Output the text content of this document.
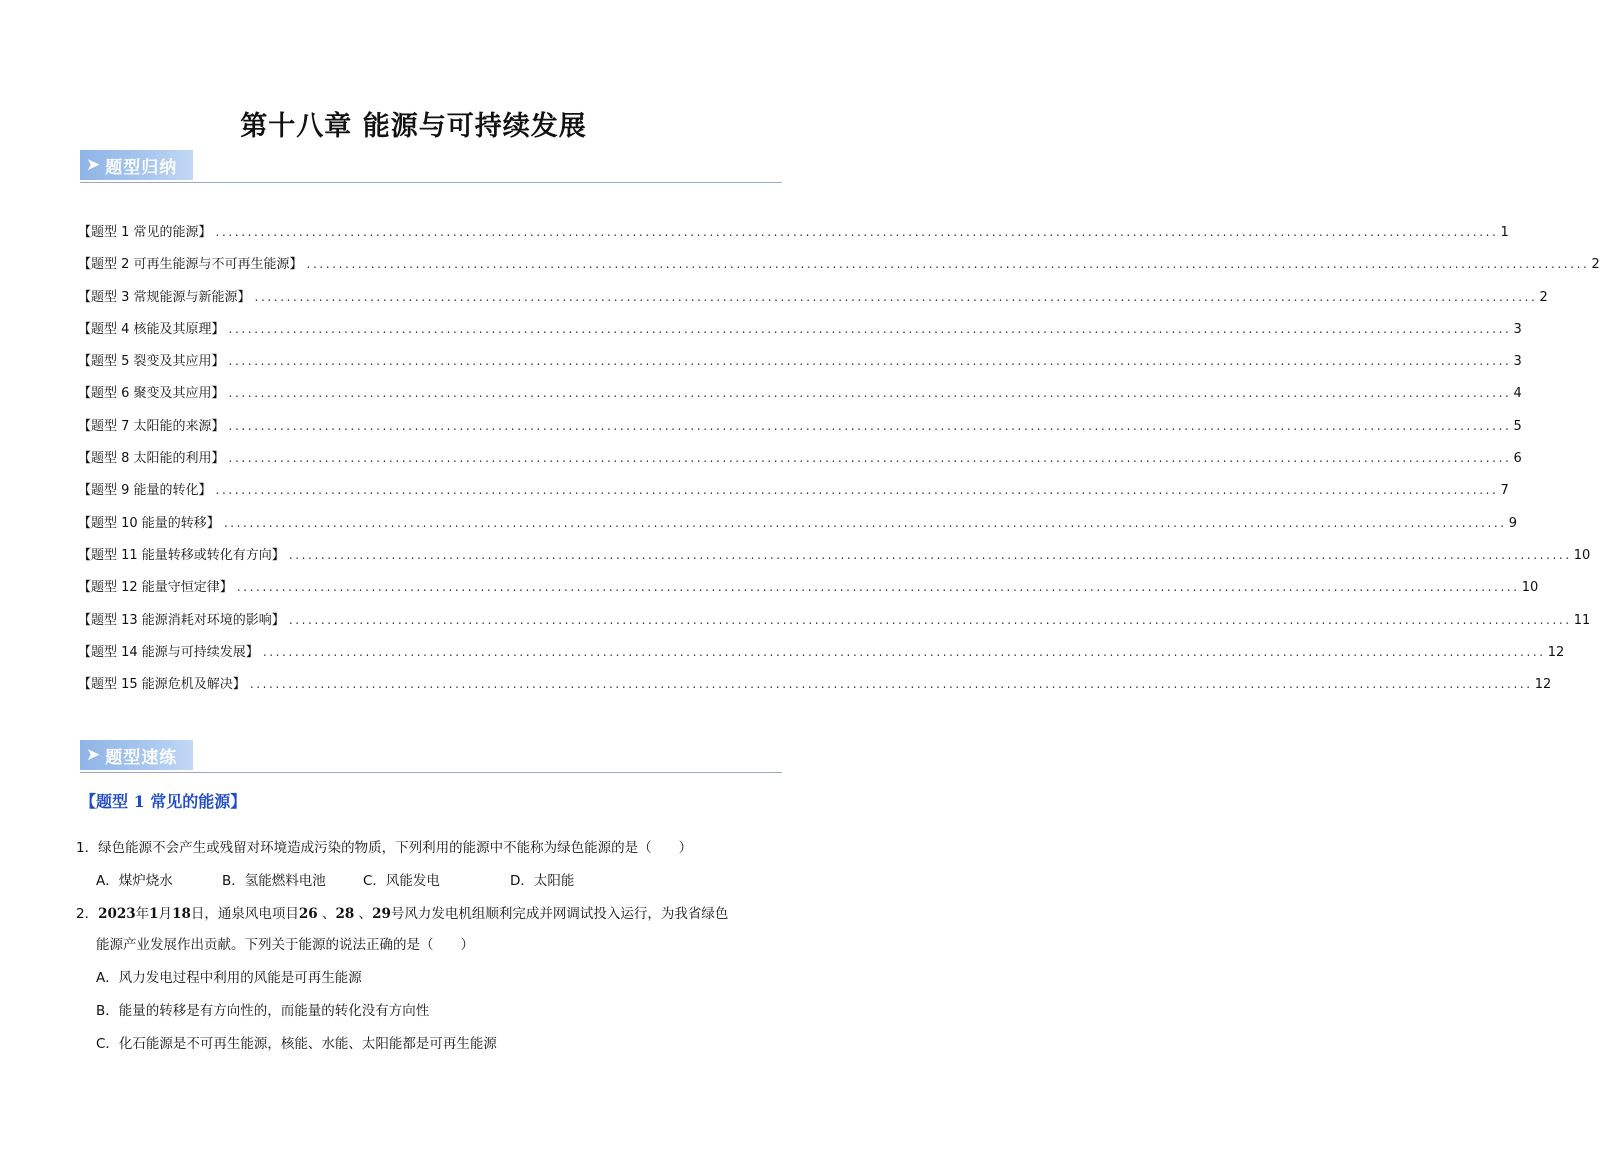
第十八章 能源与可持续发展
➤ 题型归纳
【题型 1 常见的能源】 ........................................................................................................................................................................................................ 1
【题型 2 可再生能源与不可再生能源】 ........................................................................................................................................................................................................ 2
【题型 3 常规能源与新能源】 ........................................................................................................................................................................................................ 2
【题型 4 核能及其原理】 ........................................................................................................................................................................................................ 3
【题型 5 裂变及其应用】 ........................................................................................................................................................................................................ 3
【题型 6 聚变及其应用】 ........................................................................................................................................................................................................ 4
【题型 7 太阳能的来源】 ........................................................................................................................................................................................................ 5
【题型 8 太阳能的利用】 ........................................................................................................................................................................................................ 6
【题型 9 能量的转化】 ........................................................................................................................................................................................................ 7
【题型 10 能量的转移】 ........................................................................................................................................................................................................ 9
【题型 11 能量转移或转化有方向】 ........................................................................................................................................................................................................ 10
【题型 12 能量守恒定律】 ........................................................................................................................................................................................................ 10
【题型 13 能源消耗对环境的影响】 ........................................................................................................................................................................................................ 11
【题型 14 能源与可持续发展】 ........................................................................................................................................................................................................ 12
【题型 15 能源危机及解决】 ........................................................................................................................................................................................................ 12
➤ 题型速练
【题型 1 常见的能源】
1．绿色能源不会产生或残留对环境造成污染的物质，下列利用的能源中不能称为绿色能源的是（　　）
A．煤炉烧水	B．氢能燃料电池	C．风能发电	D．太阳能
2．2023年1月18日，通泉风电项目26 、28 、29号风力发电机组顺利完成并网调试投入运行，为我省绿色
能源产业发展作出贡献。下列关于能源的说法正确的是（　　）
A．风力发电过程中利用的风能是可再生能源
B．能量的转移是有方向性的，而能量的转化没有方向性
C．化石能源是不可再生能源，核能、水能、太阳能都是可再生能源
